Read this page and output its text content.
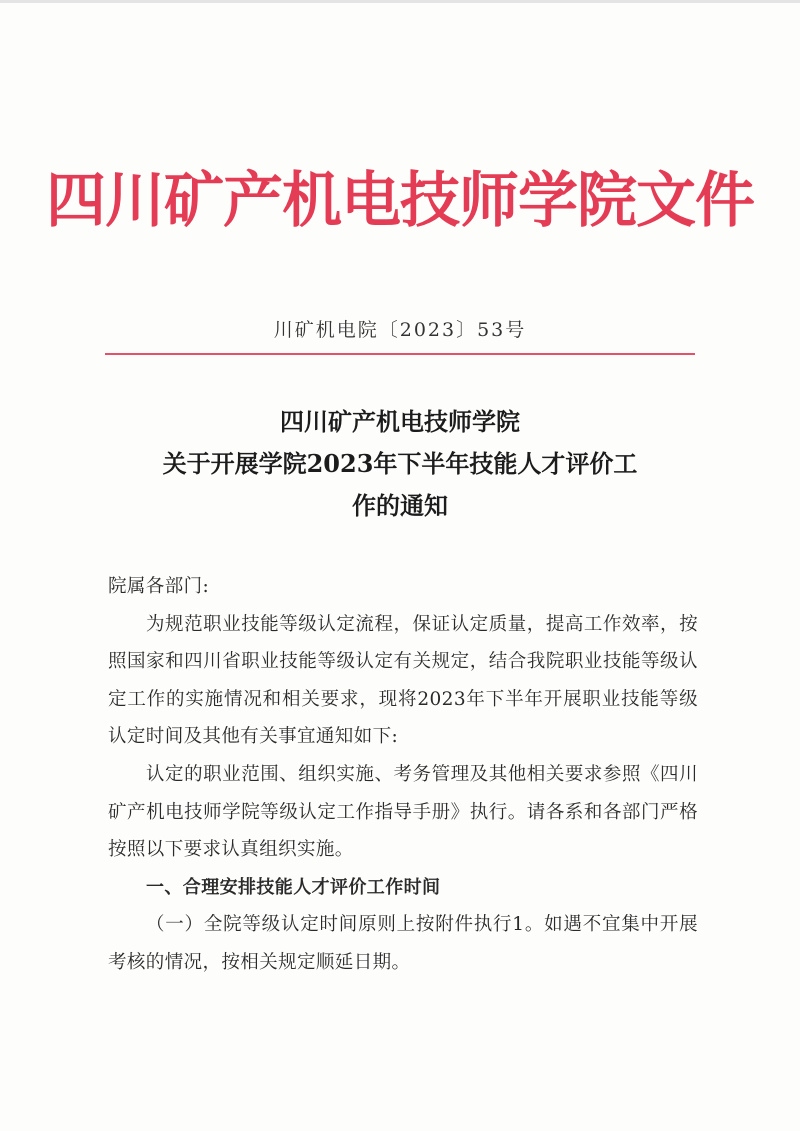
四川矿产机电技师学院文件
川矿机电院〔2023〕53号
四川矿产机电技师学院
关于开展学院2023年下半年技能人才评价工
作的通知

院属各部门:

为规范职业技能等级认定流程，保证认定质量，提高工作效率，按照国家和四川省职业技能等级认定有关规定，结合我院职业技能等级认定工作的实施情况和相关要求，现将2023年下半年开展职业技能等级认定时间及其他有关事宜通知如下:

认定的职业范围、组织实施、考务管理及其他相关要求参照《四川矿产机电技师学院等级认定工作指导手册》执行。请各系和各部门严格按照以下要求认真组织实施。

一、合理安排技能人才评价工作时间

（一）全院等级认定时间原则上按附件执行1。如遇不宜集中开展考核的情况，按相关规定顺延日期。
